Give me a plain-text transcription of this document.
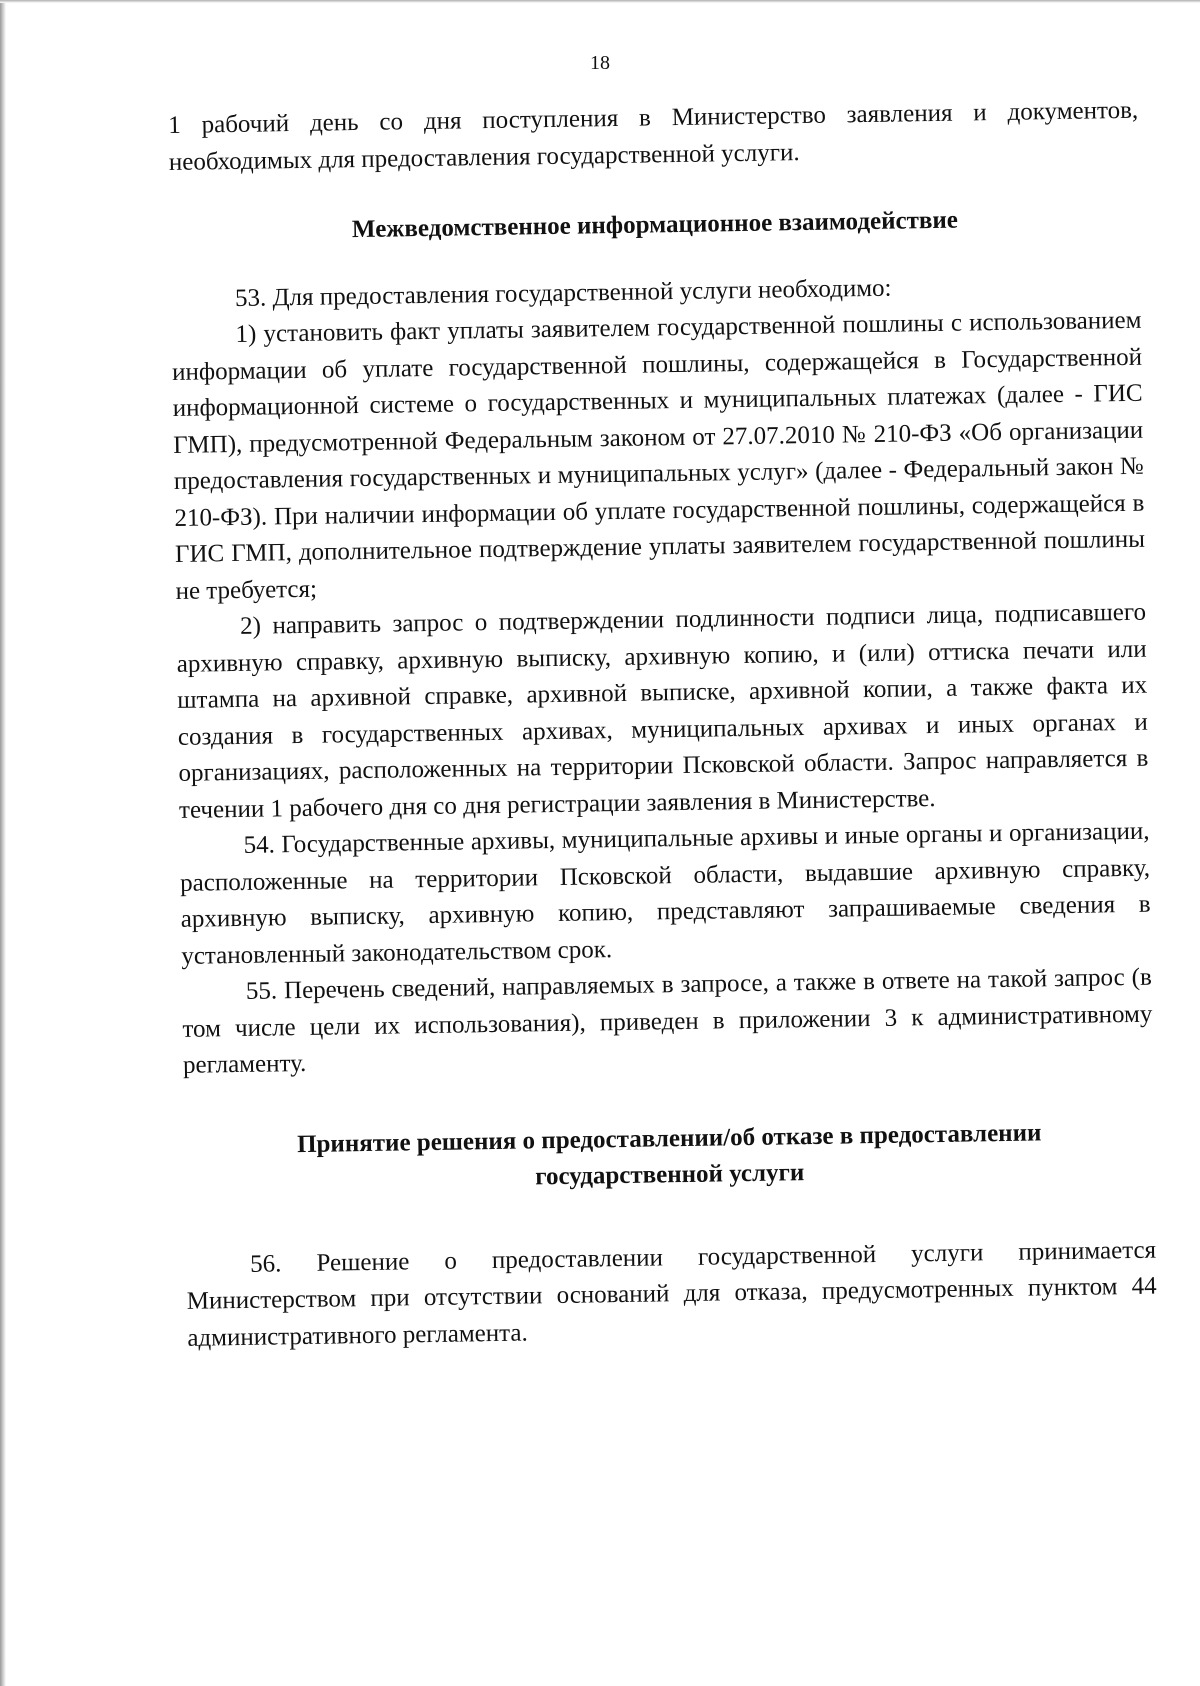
18

1 рабочий день со дня поступления в Министерство заявления и документов, необходимых для предоставления государственной услуги.

Межведомственное информационное взаимодействие

53. Для предоставления государственной услуги необходимо:

1) установить факт уплаты заявителем государственной пошлины с использованием информации об уплате государственной пошлины, содержащейся в Государственной информационной системе о государственных и муниципальных платежах (далее - ГИС ГМП), предусмотренной Федеральным законом от 27.07.2010 № 210-ФЗ «Об организации предоставления государственных и муниципальных услуг» (далее - Федеральный закон № 210-ФЗ). При наличии информации об уплате государственной пошлины, содержащейся в ГИС ГМП, дополнительное подтверждение уплаты заявителем государственной пошлины не требуется;

2) направить запрос о подтверждении подлинности подписи лица, подписавшего архивную справку, архивную выписку, архивную копию, и (или) оттиска печати или штампа на архивной справке, архивной выписке, архивной копии, а также факта их создания в государственных архивах, муниципальных архивах и иных органах и организациях, расположенных на территории Псковской области. Запрос направляется в течении 1 рабочего дня со дня регистрации заявления в Министерстве.

54. Государственные архивы, муниципальные архивы и иные органы и организации, расположенные на территории Псковской области, выдавшие архивную справку, архивную выписку, архивную копию, представляют запрашиваемые сведения в установленный законодательством срок.

55. Перечень сведений, направляемых в запросе, а также в ответе на такой запрос (в том числе цели их использования), приведен в приложении 3 к административному регламенту.

Принятие решения о предоставлении/об отказе в предоставлении
государственной услуги

56. Решение о предоставлении государственной услуги принимается Министерством при отсутствии оснований для отказа, предусмотренных пунктом 44 административного регламента.
